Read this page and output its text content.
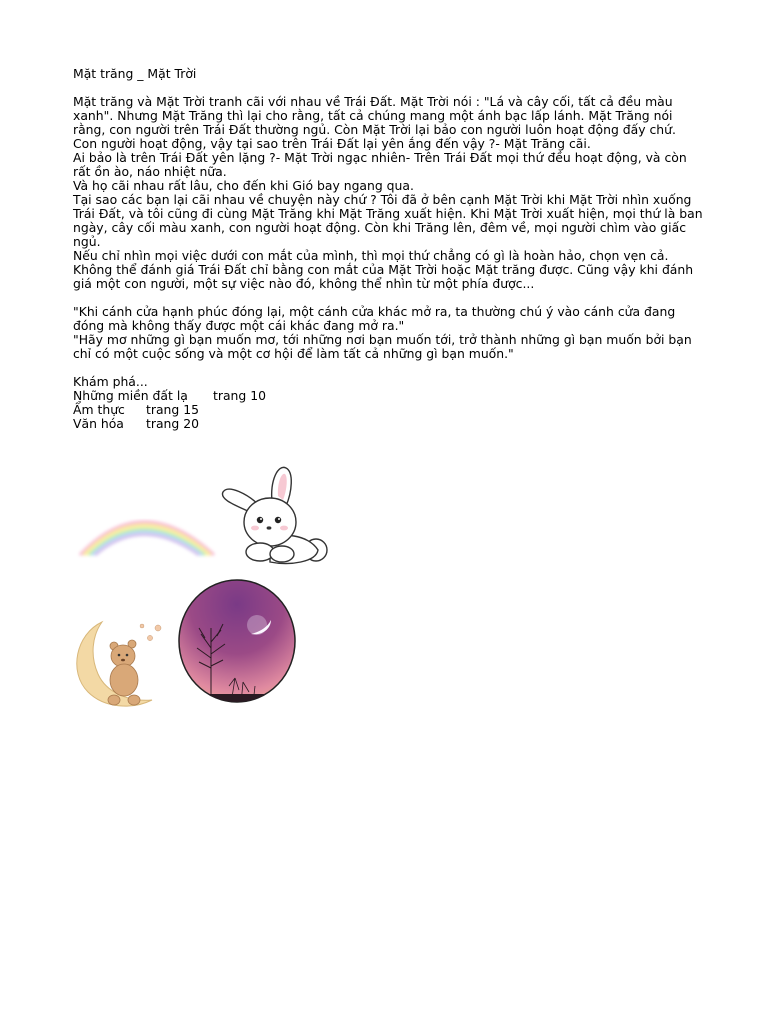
Mặt trăng _ Mặt Trời

Mặt trăng và Mặt Trời tranh cãi với nhau về Trái Đất. Mặt Trời nói : "Lá và cây cối, tất cả đều màu xanh". Nhưng Mặt Trăng thì lại cho rằng, tất cả chúng mang một ánh bạc lấp lánh. Mặt Trăng nói rằng, con người trên Trái Đất thường ngủ. Còn Mặt Trời lại bảo con người luôn hoạt động đấy chứ.

Con người hoạt động, vậy tại sao trên Trái Đất lại yên ắng đến vậy ?- Mặt Trăng cãi.

Ai bảo là trên Trái Đất yên lặng ?- Mặt Trời ngạc nhiên- Trên Trái Đất mọi thứ đều hoạt động, và còn rất ồn ào, náo nhiệt nữa.

Và họ cãi nhau rất lâu, cho đến khi Gió bay ngang qua.

Tại sao các bạn lại cãi nhau về chuyện này chứ ? Tôi đã ở bên cạnh Mặt Trời khi Mặt Trời nhìn xuống Trái Đất, và tôi cũng đi cùng Mặt Trăng khi Mặt Trăng xuất hiện. Khi Mặt Trời xuất hiện, mọi thứ là ban ngày, cây cối màu xanh, con người hoạt động. Còn khi Trăng lên, đêm về, mọi người chìm vào giấc ngủ.

Nếu chỉ nhìn mọi việc dưới con mắt của mình, thì mọi thứ chẳng có gì là hoàn hảo, chọn vẹn cả. Không thể đánh giá Trái Đất chỉ bằng con mắt của Mặt Trời hoặc Mặt trăng được. Cũng vậy khi đánh giá một con người, một sự việc nào đó, không thể nhìn từ một phía được...

"Khi cánh cửa hạnh phúc đóng lại, một cánh cửa khác mở ra, ta thường chú ý vào cánh cửa đang đóng mà không thấy được một cái khác đang mở ra."

"Hãy mơ những gì bạn muốn mơ, tới những nơi bạn muốn tới, trở thành những gì bạn muốn bởi bạn chỉ có một cuộc sống và một cơ hội để làm tất cả những gì bạn muốn."

Khám phá...

Những miền đất lạ	trang 10
Ẩm thực	trang 15
Văn hóa	trang 20
